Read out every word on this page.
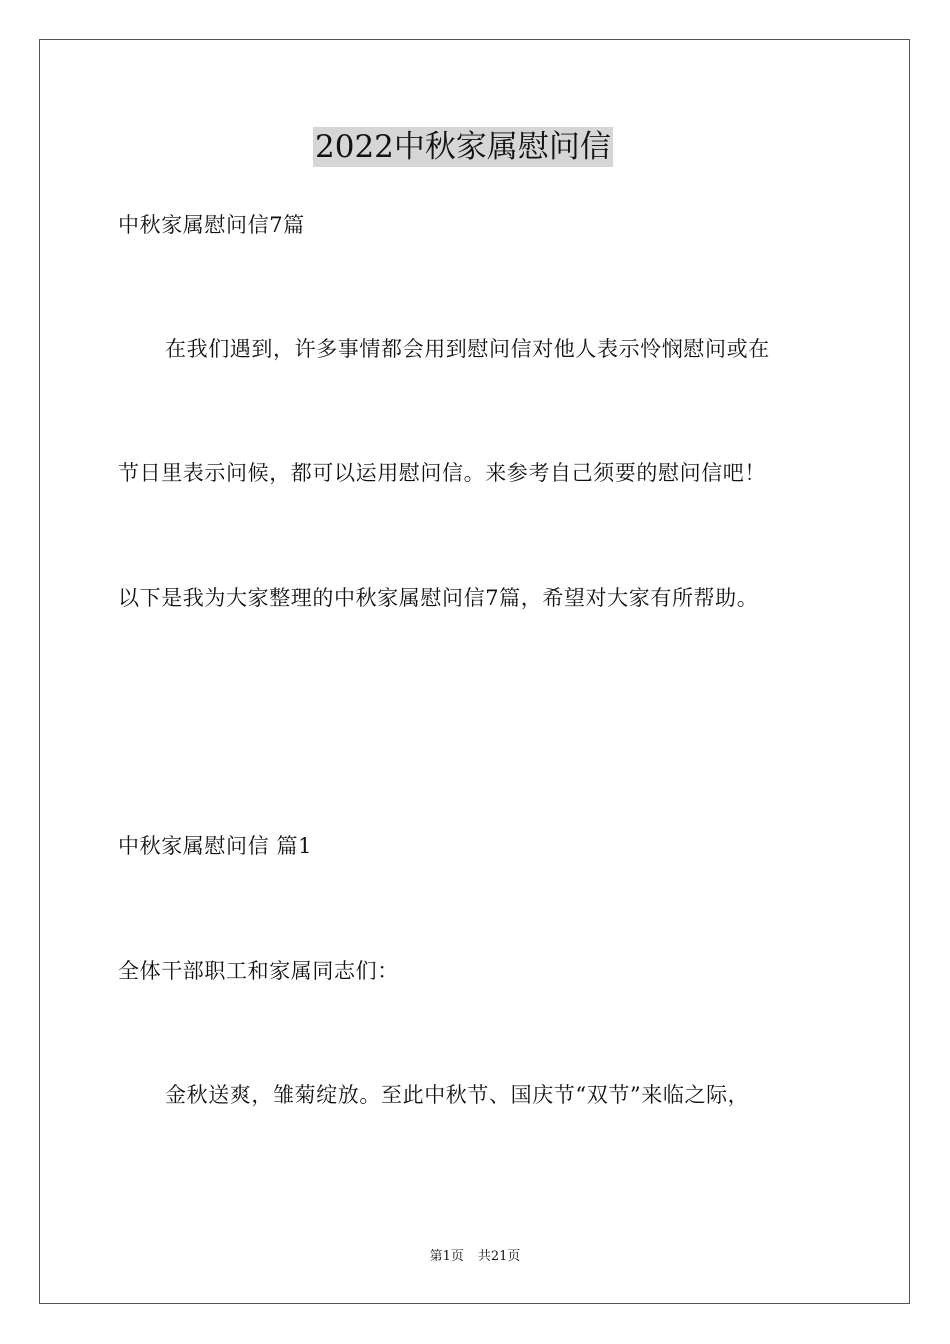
2022中秋家属慰问信
中秋家属慰问信7篇
在我们遇到，许多事情都会用到慰问信对他人表示怜悯慰问或在
节日里表示问候，都可以运用慰问信。来参考自己须要的慰问信吧！
以下是我为大家整理的中秋家属慰问信7篇，希望对大家有所帮助。
中秋家属慰问信 篇1
全体干部职工和家属同志们：
金秋送爽，雏菊绽放。至此中秋节、国庆节“双节”来临之际，
第1页 共21页
